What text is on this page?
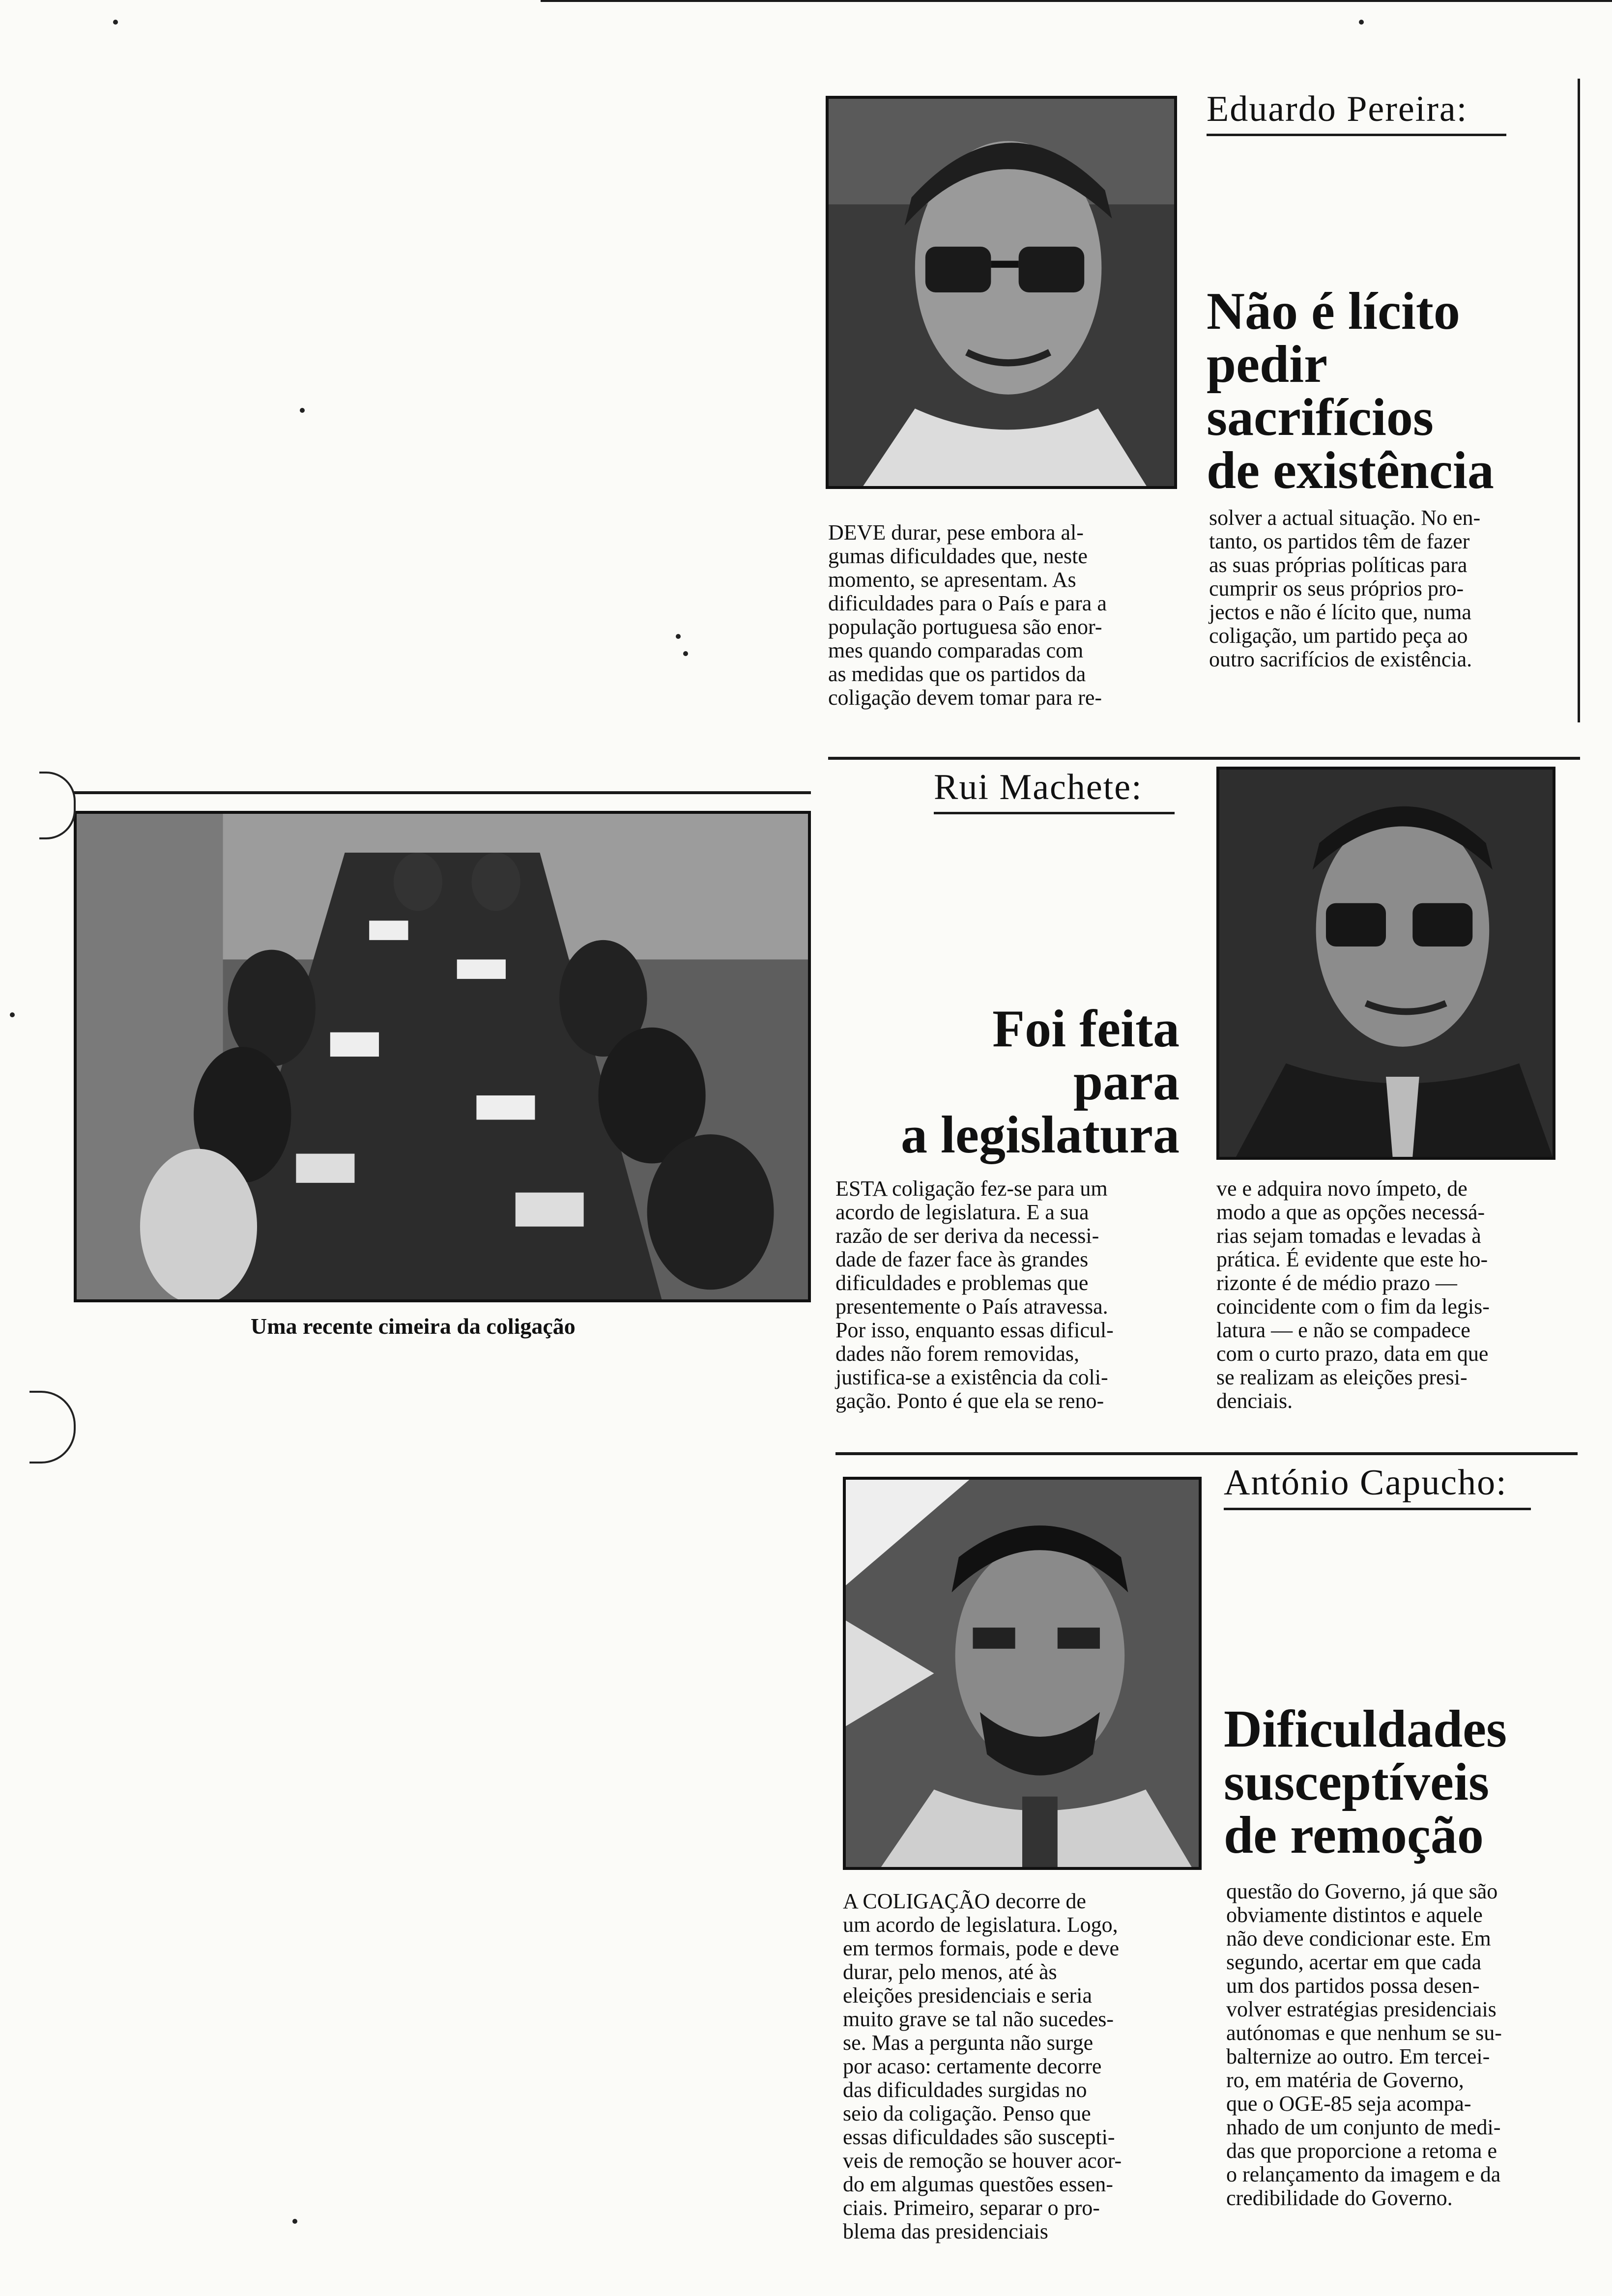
Eduardo Pereira:
Não é lícito
pedir
sacrifícios
de existência
DEVE durar, pese embora al-
gumas dificuldades que, neste
momento, se apresentam. As
dificuldades para o País e para a
população portuguesa são enor-
mes quando comparadas com
as medidas que os partidos da
coligação devem tomar para re-
solver a actual situação. No en-
tanto, os partidos têm de fazer
as suas próprias políticas para
cumprir os seus próprios pro-
jectos e não é lícito que, numa
coligação, um partido peça ao
outro sacrifícios de existência.
Uma recente cimeira da coligação
Rui Machete:
Foi feita
para
a legislatura
ESTA coligação fez-se para um
acordo de legislatura. E a sua
razão de ser deriva da necessi-
dade de fazer face às grandes
dificuldades e problemas que
presentemente o País atravessa.
Por isso, enquanto essas dificul-
dades não forem removidas,
justifica-se a existência da coli-
gação. Ponto é que ela se reno-
ve e adquira novo ímpeto, de
modo a que as opções necessá-
rias sejam tomadas e levadas à
prática. É evidente que este ho-
rizonte é de médio prazo —
coincidente com o fim da legis-
latura — e não se compadece
com o curto prazo, data em que
se realizam as eleições presi-
denciais.
António Capucho:
Dificuldades
susceptíveis
de remoção
A COLIGAÇÃO decorre de
um acordo de legislatura. Logo,
em termos formais, pode e deve
durar, pelo menos, até às
eleições presidenciais e seria
muito grave se tal não sucedes-
se. Mas a pergunta não surge
por acaso: certamente decorre
das dificuldades surgidas no
seio da coligação. Penso que
essas dificuldades são suscepti-
veis de remoção se houver acor-
do em algumas questões essen-
ciais. Primeiro, separar o pro-
blema das presidenciais
questão do Governo, já que são
obviamente distintos e aquele
não deve condicionar este. Em
segundo, acertar em que cada
um dos partidos possa desen-
volver estratégias presidenciais
autónomas e que nenhum se su-
balternize ao outro. Em tercei-
ro, em matéria de Governo,
que o OGE-85 seja acompa-
nhado de um conjunto de medi-
das que proporcione a retoma e
o relançamento da imagem e da
credibilidade do Governo.
